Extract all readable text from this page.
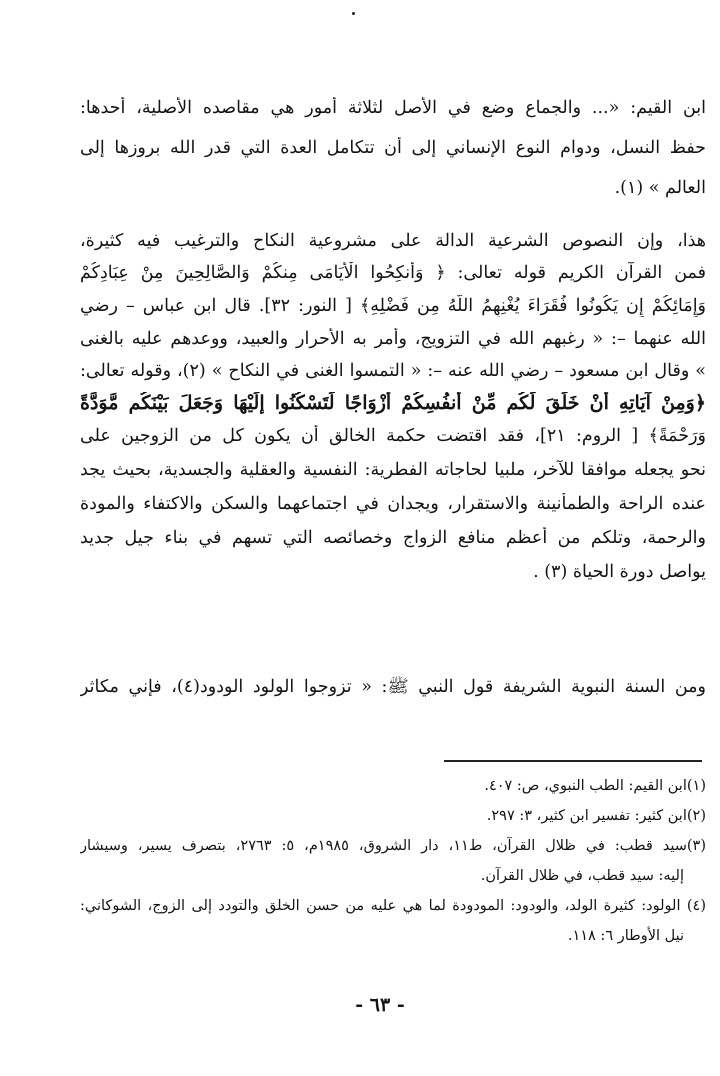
ابن القيم: «... والجماع وضع في الأصل لثلاثة أمور هي مقاصده الأصلية، أحدها:
حفظ النسل، ودوام النوع الإنساني إلى أن تتكامل العدة التي قدر الله بروزها إلى
العالم » (١).
هذا، وإن النصوص الشرعية الدالة على مشروعية النكاح والترغيب فيه كثيرة،
فمن القرآن الكريم قوله تعالى: ﴿ وَأَنكِحُوا الْأَيَامَى مِنكُمْ وَالصَّالِحِينَ مِنْ عِبَادِكُمْ
وَإِمَائِكُمْ إِن يَكُونُوا فُقَرَاءَ يُغْنِهِمُ اللَّهُ مِن فَضْلِهِ﴾ [ النور: ٣٢]. قال ابن عباس – رضي
الله عنهما –: « رغبهم الله في التزويج، وأمر به الأحرار والعبيد، ووعدهم عليه بالغنى
» وقال ابن مسعود – رضي الله عنه –: « التمسوا الغنى في النكاح » (٢)، وقوله تعالى:
﴿وَمِنْ آيَاتِهِ أَنْ خَلَقَ لَكُم مِّنْ أَنفُسِكُمْ أَزْوَاجًا لِّتَسْكُنُوا إِلَيْهَا وَجَعَلَ بَيْنَكُم مَّوَدَّةً
وَرَحْمَةً﴾ [ الروم: ٢١]، فقد اقتضت حكمة الخالق أن يكون كل من الزوجين على
نحو يجعله موافقا للآخر، ملبيا لحاجاته الفطرية: النفسية والعقلية والجسدية، بحيث يجد
عنده الراحة والطمأنينة والاستقرار، ويجدان في اجتماعهما والسكن والاكتفاء والمودة
والرحمة، وتلكم من أعظم منافع الزواج وخصائصه التي تسهم في بناء جيل جديد
يواصل دورة الحياة (٣) .
ومن السنة النبوية الشريفة قول النبي ﷺ: « تزوجوا الولود الودود(٤)، فإني مكاثر
(١)ابن القيم: الطب النبوي، ص: ٤٠٧.
(٢)ابن كثير: تفسير ابن كثير، ٣: ٢٩٧.
(٣)سيد قطب: في ظلال القرآن، ط١١، دار الشروق، ١٩٨٥م، ٥: ٢٧٦٣، بتصرف يسير، وسيشار
إليه: سيد قطب، في ظلال القرآن.
(٤) الولود: كثيرة الولد، والودود: المودودة لما هي عليه من حسن الخلق والتودد إلى الزوج، الشوكاني:
نيل الأوطار ٦: ١١٨.
- ٦٣ -
